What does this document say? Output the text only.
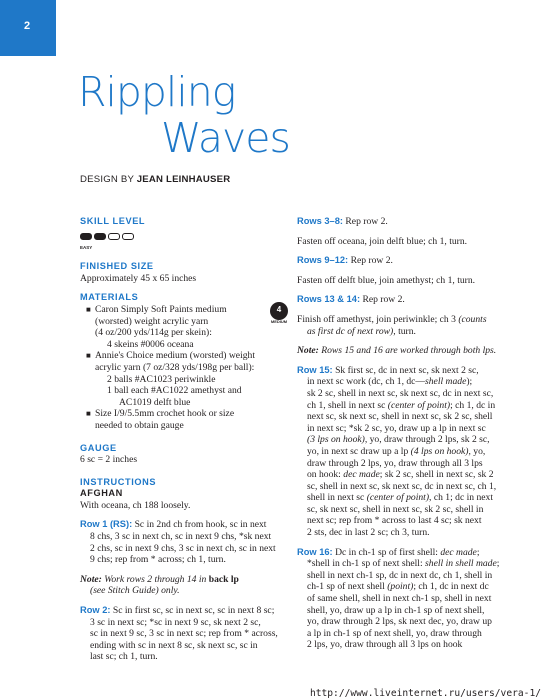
2
Rippling
Waves
DESIGN BY JEAN LEINHAUSER

SKILL LEVEL

EASY

FINISHED SIZE

Approximately 45 x 65 inches

MATERIALS

4
MEDIUM
■ Caron Simply Soft Paints medium

(worsted) weight acrylic yarn

(4 oz/200 yds/114g per skein):

4 skeins #0006 oceana

■ Annie's Choice medium (worsted) weight

acrylic yarn (7 oz/328 yds/198g per ball):

2 balls #AC1023 periwinkle

1 ball each #AC1022 amethyst and

AC1019 delft blue

■ Size I/9/5.5mm crochet hook or size

needed to obtain gauge

GAUGE

6 sc = 2 inches

INSTRUCTIONS

AFGHAN

With oceana, ch 188 loosely.

Row 1 (RS): Sc in 2nd ch from hook, sc in next

8 chs, 3 sc in next ch, sc in next 9 chs, *sk next

2 chs, sc in next 9 chs, 3 sc in next ch, sc in next

9 chs; rep from * across; ch 1, turn.

Note: Work rows 2 through 14 in back lp

(see Stitch Guide) only.

Row 2: Sc in first sc, sc in next sc, sc in next 8 sc;

3 sc in next sc; *sc in next 9 sc, sk next 2 sc,

sc in next 9 sc, 3 sc in next sc; rep from * across,

ending with sc in next 8 sc, sk next sc, sc in

last sc; ch 1, turn.

Rows 3–8: Rep row 2.

Fasten off oceana, join delft blue; ch 1, turn.

Rows 9–12: Rep row 2.

Fasten off delft blue, join amethyst; ch 1, turn.

Rows 13 & 14: Rep row 2.

Finish off amethyst, join periwinkle; ch 3 (counts

as first dc of next row), turn.

Note: Rows 15 and 16 are worked through both lps.

Row 15: Sk first sc, dc in next sc, sk next 2 sc,

in next sc work (dc, ch 1, dc—shell made);

sk 2 sc, shell in next sc, sk next sc, dc in next sc,

ch 1, shell in next sc (center of point); ch 1, dc in

next sc, sk next sc, shell in next sc, sk 2 sc, shell

in next sc; *sk 2 sc, yo, draw up a lp in next sc

(3 lps on hook), yo, draw through 2 lps, sk 2 sc,

yo, in next sc draw up a lp (4 lps on hook), yo,

draw through 2 lps, yo, draw through all 3 lps

on hook: dec made; sk 2 sc, shell in next sc, sk 2

sc, shell in next sc, sk next sc, dc in next sc, ch 1,

shell in next sc (center of point), ch 1; dc in next

sc, sk next sc, shell in next sc, sk 2 sc, shell in

next sc; rep from * across to last 4 sc; sk next

2 sts, dec in last 2 sc; ch 3, turn.

Row 16: Dc in ch-1 sp of first shell: dec made;

*shell in ch-1 sp of next shell: shell in shell made;

shell in next ch-1 sp, dc in next dc, ch 1, shell in

ch-1 sp of next shell (point); ch 1, dc in next dc

of same shell, shell in next ch-1 sp, shell in next

shell, yo, draw up a lp in ch-1 sp of next shell,

yo, draw through 2 lps, sk next dec, yo, draw up

a lp in ch-1 sp of next shell, yo, draw through

2 lps, yo, draw through all 3 lps on hook

http://www.liveinternet.ru/users/vera-1/
